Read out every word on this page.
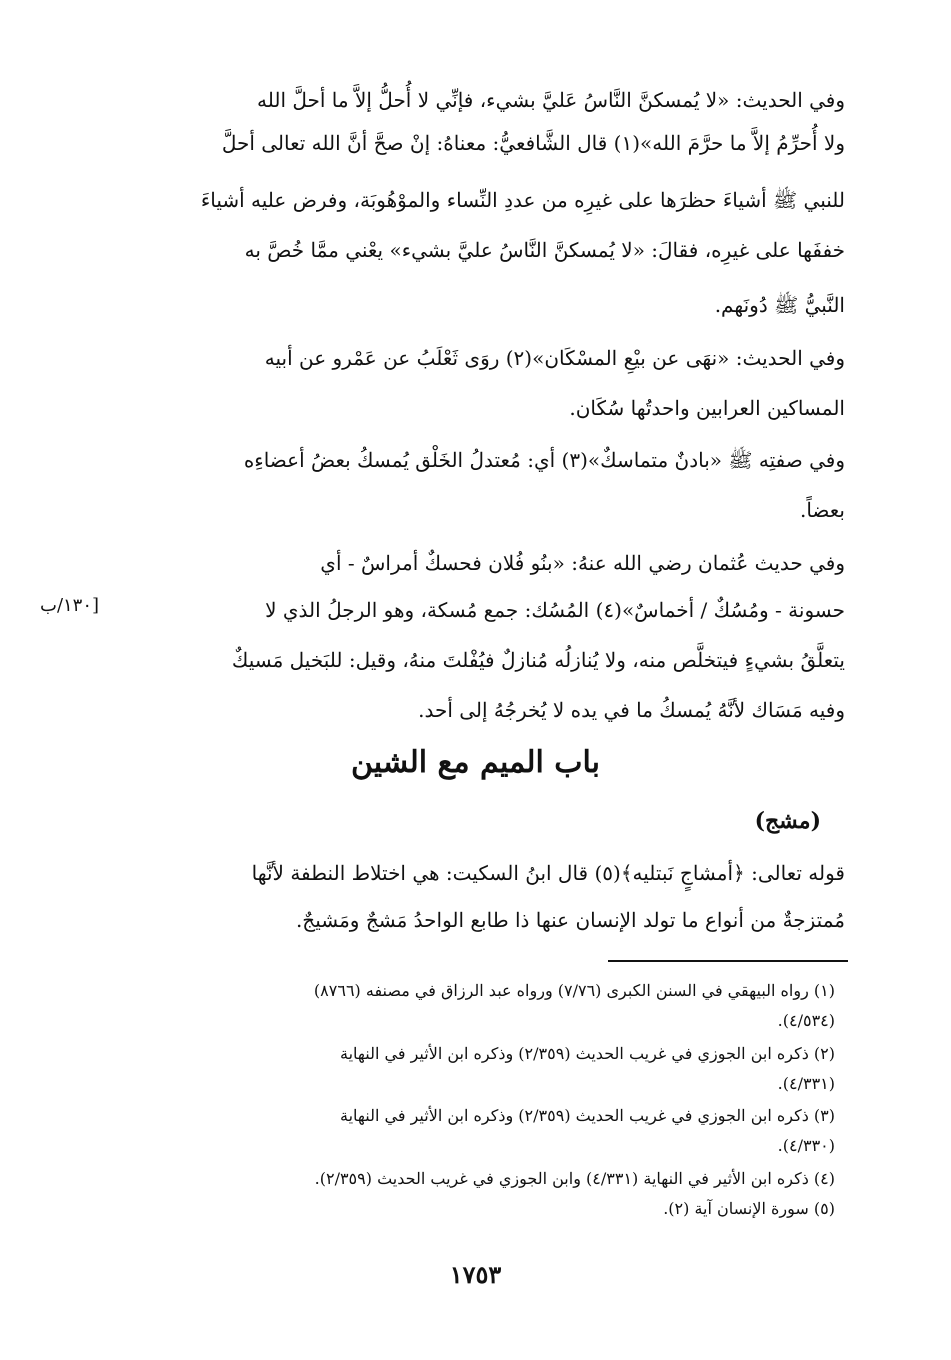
وفي الحديث: «لا يُمسكنَّ النَّاسُ عَليَّ بشيء، فإنِّي لا أُحلُّ إلاَّ ما أحلَّ الله
ولا أُحرِّمُ إلاَّ ما حرَّمَ الله»(١) قال الشَّافعيُّ: معناهُ: إنْ صحَّ أنَّ الله تعالى أحلَّ
للنبي ﷺ أشياءَ حظرَها على غيرِه من عددِ النِّساء والموْهُوبَة، وفرض عليه أشياءَ
خففَها على غيرِه، فقالَ: «لا يُمسكنَّ النَّاسُ عليَّ بشيء» يعْني ممَّا خُصَّ به
النَّبيُّ ﷺ دُونَهم.
وفي الحديث: «نهَى عن بيْعِ المسْكَان»(٢) روَى ثَعْلَبُ عن عَمْرو عن أبيه
المساكين العرابين واحدتُها سُكَان.
وفي صفتِه ﷺ «بادنٌ متماسكٌ»(٣) أي: مُعتدلُ الخَلْق يُمسكُ بعضُ أعضاءِه
بعضاً.
وفي حديث عُثمان رضي الله عنهُ: «بنُو فُلان فحسكٌ أمراسٌ - أي
حسونة - ومُسُكٌ / أخماسٌ»(٤) المُسُك: جمع مُسكة، وهو الرجلُ الذي لا
[١٣٠/ب
يتعلَّقُ بشيءٍ فيتخلَّص منه، ولا يُنازلُه مُنازلٌ فيُفْلتَ منهُ، وقيل: للبَخيل مَسيكٌ
وفيه مَسَاك لأنَّهُ يُمسكُ ما في يده لا يُخرجُهُ إلى أحد.
باب الميم مع الشين
(مشج)
قوله تعالى: ﴿أمشاجٍ نَبتليه﴾(٥) قال ابنُ السكيت: هي اختلاط النطفة لأنَّها
مُمتزجةٌ من أنواع ما تولد الإنسان عنها ذا طابع الواحدُ مَشجٌ ومَشيجٌ.
(١) رواه البيهقي في السنن الكبرى (٧/٧٦) ورواه عبد الرزاق في مصنفه (٨٧٦٦)
(٤/٥٣٤).
(٢) ذكره ابن الجوزي في غريب الحديث (٢/٣٥٩) وذكره ابن الأثير في النهاية
(٤/٣٣١).
(٣) ذكره ابن الجوزي في غريب الحديث (٢/٣٥٩) وذكره ابن الأثير في النهاية
(٤/٣٣٠).
(٤) ذكره ابن الأثير في النهاية (٤/٣٣١) وابن الجوزي في غريب الحديث (٢/٣٥٩).
(٥) سورة الإنسان آية (٢).
١٧٥٣
